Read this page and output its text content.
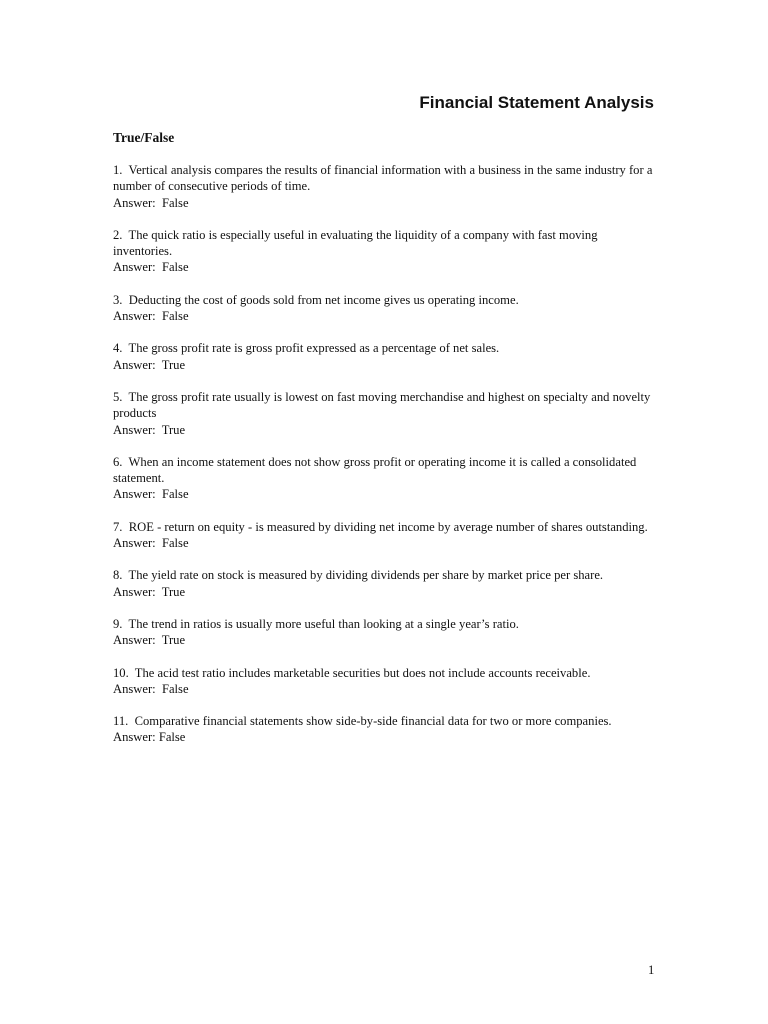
Financial Statement Analysis
True/False
1.  Vertical analysis compares the results of financial information with a business in the same industry for a number of consecutive periods of time.
Answer:  False
2.  The quick ratio is especially useful in evaluating the liquidity of a company with fast moving inventories.
Answer:  False
3.  Deducting the cost of goods sold from net income gives us operating income.
Answer:  False
4.  The gross profit rate is gross profit expressed as a percentage of net sales.
Answer:  True
5.  The gross profit rate usually is lowest on fast moving merchandise and highest on specialty and novelty products
Answer:  True
6.  When an income statement does not show gross profit or operating income it is called a consolidated statement.
Answer:  False
7.  ROE - return on equity - is measured by dividing net income by average number of shares outstanding.
Answer:  False
8.  The yield rate on stock is measured by dividing dividends per share by market price per share.
Answer:  True
9.  The trend in ratios is usually more useful than looking at a single year’s ratio.
Answer:  True
10.  The acid test ratio includes marketable securities but does not include accounts receivable.
Answer:  False
11.  Comparative financial statements show side-by-side financial data for two or more companies.
Answer: False
1
